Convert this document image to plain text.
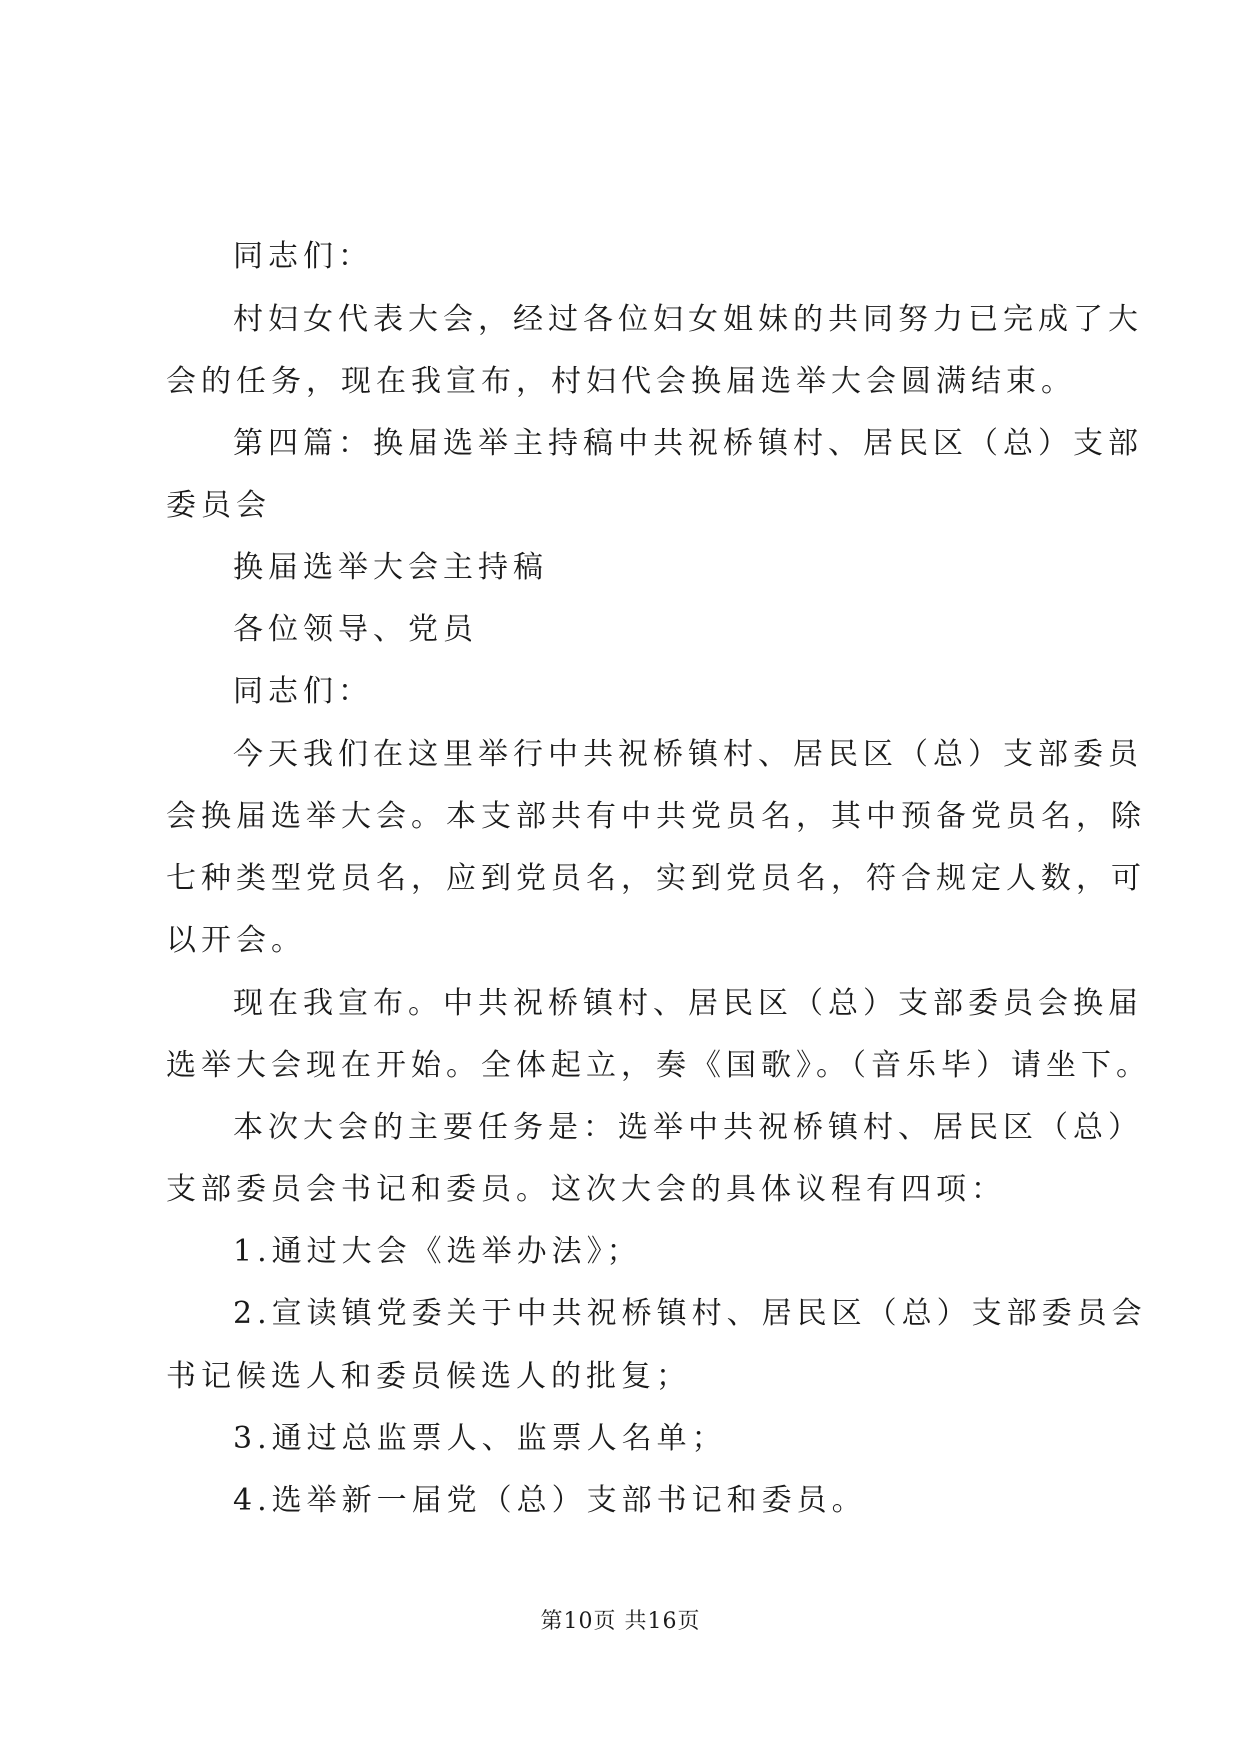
同志们：
村妇女代表大会，经过各位妇女姐妹的共同努力已完成了大
会的任务，现在我宣布，村妇代会换届选举大会圆满结束。
第四篇：换届选举主持稿中共祝桥镇村、居民区（总）支部
委员会
换届选举大会主持稿
各位领导、党员
同志们：
今天我们在这里举行中共祝桥镇村、居民区（总）支部委员
会换届选举大会。本支部共有中共党员名，其中预备党员名，除
七种类型党员名，应到党员名，实到党员名，符合规定人数，可
以开会。
现在我宣布。中共祝桥镇村、居民区（总）支部委员会换届
选举大会现在开始。全体起立，奏《国歌》。（音乐毕）请坐下。
本次大会的主要任务是：选举中共祝桥镇村、居民区（总）
支部委员会书记和委员。这次大会的具体议程有四项：
1.通过大会《选举办法》；
2.宣读镇党委关于中共祝桥镇村、居民区（总）支部委员会
书记候选人和委员候选人的批复；
3.通过总监票人、监票人名单；
4.选举新一届党（总）支部书记和委员。
第10页 共16页
